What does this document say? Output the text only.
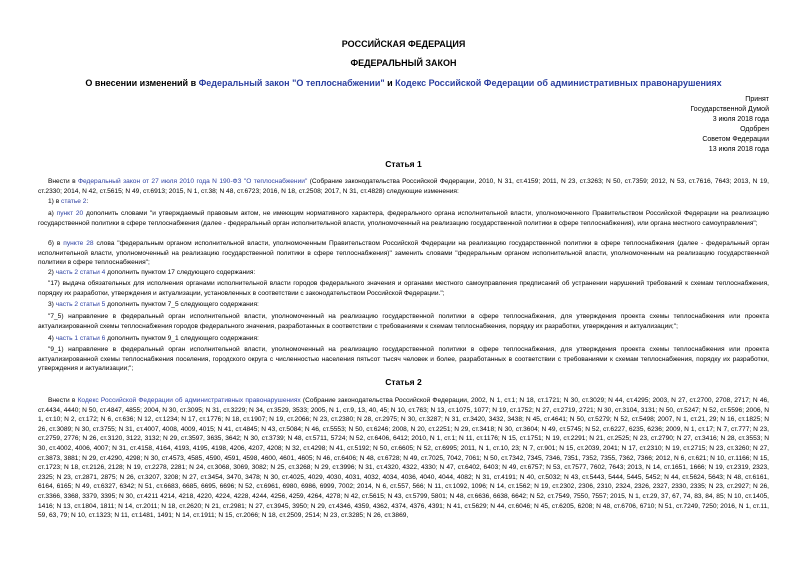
РОССИЙСКАЯ ФЕДЕРАЦИЯ
ФЕДЕРАЛЬНЫЙ ЗАКОН
О внесении изменений в Федеральный закон "О теплоснабжении" и Кодекс Российской Федерации об административных правонарушениях
Принят
Государственной Думой
3 июля 2018 года
Одобрен
Советом Федерации
13 июля 2018 года
Статья 1
Внести в Федеральный закон от 27 июля 2010 года N 190-ФЗ "О теплоснабжении" (Собрание законодательства Российской Федерации, 2010, N 31, ст.4159; 2011, N 23, ст.3263; N 50, ст.7359; 2012, N 53, ст.7616, 7643; 2013, N 19, ст.2330; 2014, N 42, ст.5615; N 49, ст.6913; 2015, N 1, ст.38; N 48, ст.6723; 2016, N 18, ст.2508; 2017, N 31, ст.4828) следующие изменения:
1) в статье 2:
а) пункт 20 дополнить словами "и утверждаемый правовым актом, не имеющим нормативного характера, федерального органа исполнительной власти, уполномоченного Правительством Российской Федерации на реализацию государственной политики в сфере теплоснабжения (далее - федеральный орган исполнительной власти, уполномоченный на реализацию государственной политики в сфере теплоснабжения), или органа местного самоуправления";
б) в пункте 28 слова "федеральным органом исполнительной власти, уполномоченным Правительством Российской Федерации на реализацию государственной политики в сфере теплоснабжения (далее - федеральный орган исполнительной власти, уполномоченный на реализацию государственной политики в сфере теплоснабжения)" заменить словами "федеральным органом исполнительной власти, уполномоченным на реализацию государственной политики в сфере теплоснабжения";
2) часть 2 статьи 4 дополнить пунктом 17 следующего содержания:
"17) выдача обязательных для исполнения органами исполнительной власти городов федерального значения и органами местного самоуправления предписаний об устранении нарушений требований к схемам теплоснабжения, порядку их разработки, утверждения и актуализации, установленных в соответствии с законодательством Российской Федерации.";
3) часть 2 статьи 5 дополнить пунктом 7_5 следующего содержания:
"7_5) направление в федеральный орган исполнительной власти, уполномоченный на реализацию государственной политики в сфере теплоснабжения, для утверждения проекта схемы теплоснабжения или проекта актуализированной схемы теплоснабжения городов федерального значения, разработанных в соответствии с требованиями к схемам теплоснабжения, порядку их разработки, утверждения и актуализации;";
4) часть 1 статьи 6 дополнить пунктом 9_1 следующего содержания:
"9_1) направление в федеральный орган исполнительной власти, уполномоченный на реализацию государственной политики в сфере теплоснабжения, для утверждения проекта схемы теплоснабжения или проекта актуализированной схемы теплоснабжения поселения, городского округа с численностью населения пятьсот тысяч человек и более, разработанных в соответствии с требованиями к схемам теплоснабжения, порядку их разработки, утверждения и актуализации;";
Статья 2
Внести в Кодекс Российской Федерации об административных правонарушениях (Собрание законодательства Российской Федерации, 2002, N 1, ст.1; N 18, ст.1721; N 30, ст.3029; N 44, ст.4295; 2003, N 27, ст.2700, 2708, 2717; N 46, ст.4434, 4440; N 50, ст.4847, 4855; 2004, N 30, ст.3095; N 31, ст.3229; N 34, ст.3529, 3533; 2005, N 1, ст.9, 13, 40, 45; N 10, ст.763; N 13, ст.1075, 1077; N 19, ст.1752; N 27, ст.2719, 2721; N 30, ст.3104, 3131; N 50, ст.5247; N 52, ст.5596; 2006, N 1, ст.10; N 2, ст.172; N 6, ст.636; N 12, ст.1234; N 17, ст.1776; N 18, ст.1907; N 19, ст.2066; N 23, ст.2380; N 28, ст.2975; N 30, ст.3287; N 31, ст.3420, 3432, 3438; N 45, ст.4641; N 50, ст.5279; N 52, ст.5498; 2007, N 1, ст.21, 29; N 16, ст.1825; N 26, ст.3089; N 30, ст.3755; N 31, ст.4007, 4008, 4009, 4015; N 41, ст.4845; N 43, ст.5084; N 46, ст.5553; N 50, ст.6246; 2008, N 20, ст.2251; N 29, ст.3418; N 30, ст.3604; N 49, ст.5745; N 52, ст.6227, 6235, 6236; 2009, N 1, ст.17; N 7, ст.777; N 23, ст.2759, 2776; N 26, ст.3120, 3122, 3132; N 29, ст.3597, 3635, 3642; N 30, ст.3739; N 48, ст.5711, 5724; N 52, ст.6406, 6412; 2010, N 1, ст.1; N 11, ст.1176; N 15, ст.1751; N 19, ст.2291; N 21, ст.2525; N 23, ст.2790; N 27, ст.3416; N 28, ст.3553; N 30, ст.4002, 4006, 4007; N 31, ст.4158, 4164, 4193, 4195, 4198, 4206, 4207, 4208; N 32, ст.4298; N 41, ст.5192; N 50, ст.6605; N 52, ст.6995; 2011, N 1, ст.10, 23; N 7, ст.901; N 15, ст.2039, 2041; N 17, ст.2310; N 19, ст.2715; N 23, ст.3260; N 27, ст.3873, 3881; N 29, ст.4290, 4298; N 30, ст.4573, 4585, 4590, 4591, 4598, 4600, 4601, 4605; N 46, ст.6406; N 48, ст.6728; N 49, ст.7025, 7042, 7061; N 50, ст.7342, 7345, 7346, 7351, 7352, 7355, 7362, 7366; 2012, N 6, ст.621; N 10, ст.1166; N 15, ст.1723; N 18, ст.2126, 2128; N 19, ст.2278, 2281; N 24, ст.3068, 3069, 3082; N 25, ст.3268; N 29, ст.3996; N 31, ст.4320, 4322, 4330; N 47, ст.6402, 6403; N 49, ст.6757; N 53, ст.7577, 7602, 7643; 2013, N 14, ст.1651, 1666; N 19, ст.2319, 2323, 2325; N 23, ст.2871, 2875; N 26, ст.3207, 3208; N 27, ст.3454, 3470, 3478; N 30, ст.4025, 4029, 4030, 4031, 4032, 4034, 4036, 4040, 4044, 4082; N 31, ст.4191; N 40, ст.5032; N 43, ст.5443, 5444, 5445, 5452; N 44, ст.5624, 5643; N 48, ст.6161, 6164, 6165; N 49, ст.6327, 6342; N 51, ст.6683, 6685, 6695, 6696; N 52, ст.6961, 6980, 6986, 6999, 7002; 2014, N 6, ст.557, 566; N 11, ст.1092, 1096; N 14, ст.1562; N 19, ст.2302, 2306, 2310, 2324, 2326, 2327, 2330, 2335; N 23, ст.2927; N 26, ст.3366, 3368, 3379, 3395; N 30, ст.4211 4214, 4218, 4220, 4224, 4228, 4244, 4256, 4259, 4264, 4278; N 42, ст.5615; N 43, ст.5799, 5801; N 48, ст.6636, 6638, 6642; N 52, ст.7549, 7550, 7557; 2015, N 1, ст.29, 37, 67, 74, 83, 84, 85; N 10, ст.1405, 1416; N 13, ст.1804, 1811; N 14, ст.2011; N 18, ст.2620; N 21, ст.2981; N 27, ст.3945, 3950; N 29, ст.4346, 4359, 4362, 4374, 4376, 4391; N 41, ст.5629; N 44, ст.6046; N 45, ст.6205, 6208; N 48, ст.6706, 6710; N 51, ст.7249, 7250; 2016, N 1, ст.11, 59, 63, 79; N 10, ст.1323; N 11, ст.1481, 1491; N 14, ст.1911; N 15, ст.2066; N 18, ст.2509, 2514; N 23, ст.3285; N 26, ст.3869,
